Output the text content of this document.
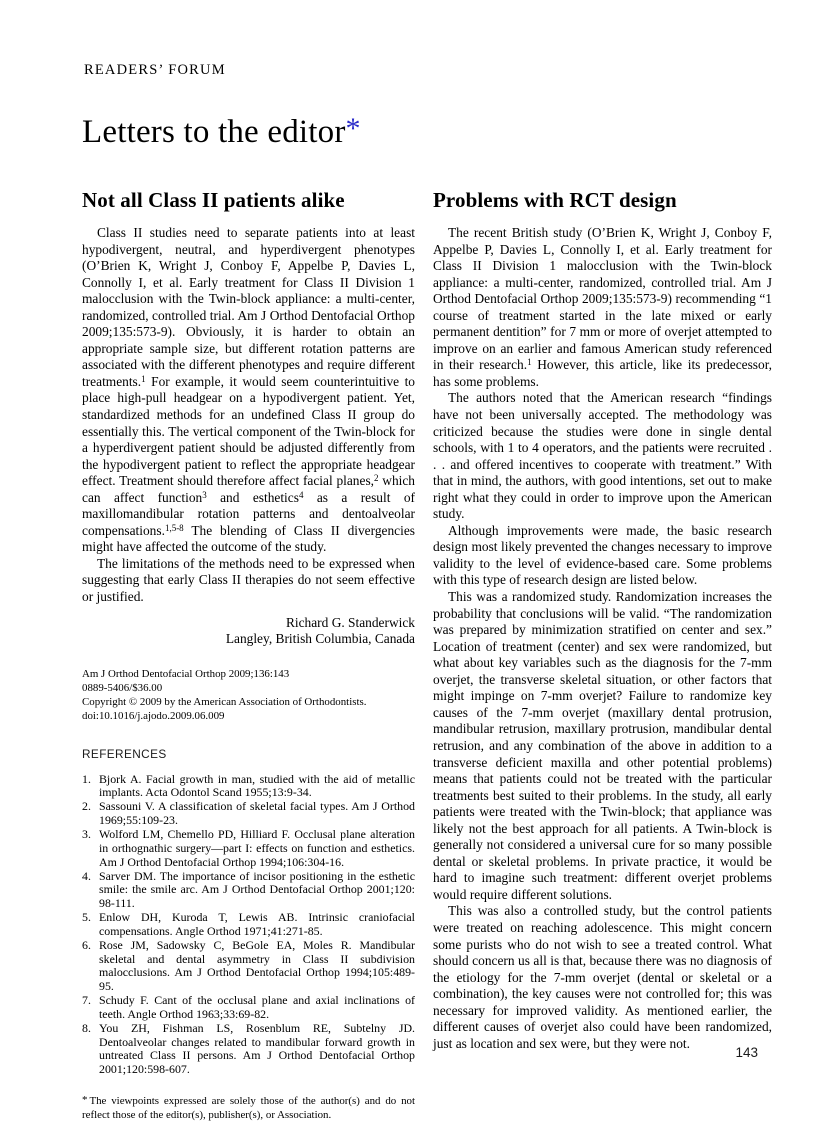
READERS’ FORUM
Letters to the editor*
Not all Class II patients alike

Class II studies need to separate patients into at least hypodivergent, neutral, and hyperdivergent phenotypes (O’Brien K, Wright J, Conboy F, Appelbe P, Davies L, Connolly I, et al. Early treatment for Class II Division 1 malocclusion with the Twin-block appliance: a multi-center, randomized, controlled trial. Am J Orthod Dentofacial Orthop 2009;135:573-9). Obviously, it is harder to obtain an appropriate sample size, but different rotation patterns are associated with the different phenotypes and require different treatments.$^1$ For example, it would seem counterintuitive to place high-pull headgear on a hypodivergent patient. Yet, standardized methods for an undefined Class II group do essentially this. The vertical component of the Twin-block for a hyperdivergent patient should be adjusted differently from the hypodivergent patient to reflect the appropriate headgear effect. Treatment should therefore affect facial planes,$^2$ which can affect function$^3$ and esthetics$^4$ as a result of maxillomandibular rotation patterns and dentoalveolar compensations.$^{1,5-8}$ The blending of Class II divergencies might have affected the outcome of the study.

The limitations of the methods need to be expressed when suggesting that early Class II therapies do not seem effective or justified.

Richard G. Standerwick
Langley, British Columbia, Canada
Am J Orthod Dentofacial Orthop 2009;136:143
0889-5406/$36.00
Copyright © 2009 by the American Association of Orthodontists.
doi:10.1016/j.ajodo.2009.06.009
REFERENCES
Bjork A. Facial growth in man, studied with the aid of metallic implants. Acta Odontol Scand 1955;13:9-34.
Sassouni V. A classification of skeletal facial types. Am J Orthod 1969;55:109-23.
Wolford LM, Chemello PD, Hilliard F. Occlusal plane alteration in orthognathic surgery—part I: effects on function and esthetics. Am J Orthod Dentofacial Orthop 1994;106:304-16.
Sarver DM. The importance of incisor positioning in the esthetic smile: the smile arc. Am J Orthod Dentofacial Orthop 2001;120: 98-111.
Enlow DH, Kuroda T, Lewis AB. Intrinsic craniofacial compensations. Angle Orthod 1971;41:271-85.
Rose JM, Sadowsky C, BeGole EA, Moles R. Mandibular skeletal and dental asymmetry in Class II subdivision malocclusions. Am J Orthod Dentofacial Orthop 1994;105:489-95.
Schudy F. Cant of the occlusal plane and axial inclinations of teeth. Angle Orthod 1963;33:69-82.
You ZH, Fishman LS, Rosenblum RE, Subtelny JD. Dentoalveolar changes related to mandibular forward growth in untreated Class II persons. Am J Orthod Dentofacial Orthop 2001;120:598-607.
* The viewpoints expressed are solely those of the author(s) and do not reflect those of the editor(s), publisher(s), or Association.
Problems with RCT design

The recent British study (O’Brien K, Wright J, Conboy F, Appelbe P, Davies L, Connolly I, et al. Early treatment for Class II Division 1 malocclusion with the Twin-block appliance: a multi-center, randomized, controlled trial. Am J Orthod Dentofacial Orthop 2009;135:573-9) recommending “1 course of treatment started in the late mixed or early permanent dentition” for 7 mm or more of overjet attempted to improve on an earlier and famous American study referenced in their research.$^1$ However, this article, like its predecessor, has some problems.

The authors noted that the American research “findings have not been universally accepted. The methodology was criticized because the studies were done in single dental schools, with 1 to 4 operators, and the patients were recruited . . . and offered incentives to cooperate with treatment.” With that in mind, the authors, with good intentions, set out to make right what they could in order to improve upon the American study.

Although improvements were made, the basic research design most likely prevented the changes necessary to improve validity to the level of evidence-based care. Some problems with this type of research design are listed below.

This was a randomized study. Randomization increases the probability that conclusions will be valid. “The randomization was prepared by minimization stratified on center and sex.” Location of treatment (center) and sex were randomized, but what about key variables such as the diagnosis for the 7-mm overjet, the transverse skeletal situation, or other factors that might impinge on 7-mm overjet? Failure to randomize key causes of the 7-mm overjet (maxillary dental protrusion, mandibular retrusion, maxillary protrusion, mandibular dental retrusion, and any combination of the above in addition to a transverse deficient maxilla and other potential problems) means that patients could not be treated with the particular treatments best suited to their problems. In the study, all early patients were treated with the Twin-block; that appliance was likely not the best approach for all patients. A Twin-block is generally not considered a universal cure for so many possible dental or skeletal problems. In private practice, it would be hard to imagine such treatment: different overjet problems would require different solutions.

This was also a controlled study, but the control patients were treated on reaching adolescence. This might concern some purists who do not wish to see a treated control. What should concern us all is that, because there was no diagnosis of the etiology for the 7-mm overjet (dental or skeletal or a combination), the key causes were not controlled for; this was necessary for improved validity. As mentioned earlier, the different causes of overjet also could have been randomized, just as location and sex were, but they were not.

143
